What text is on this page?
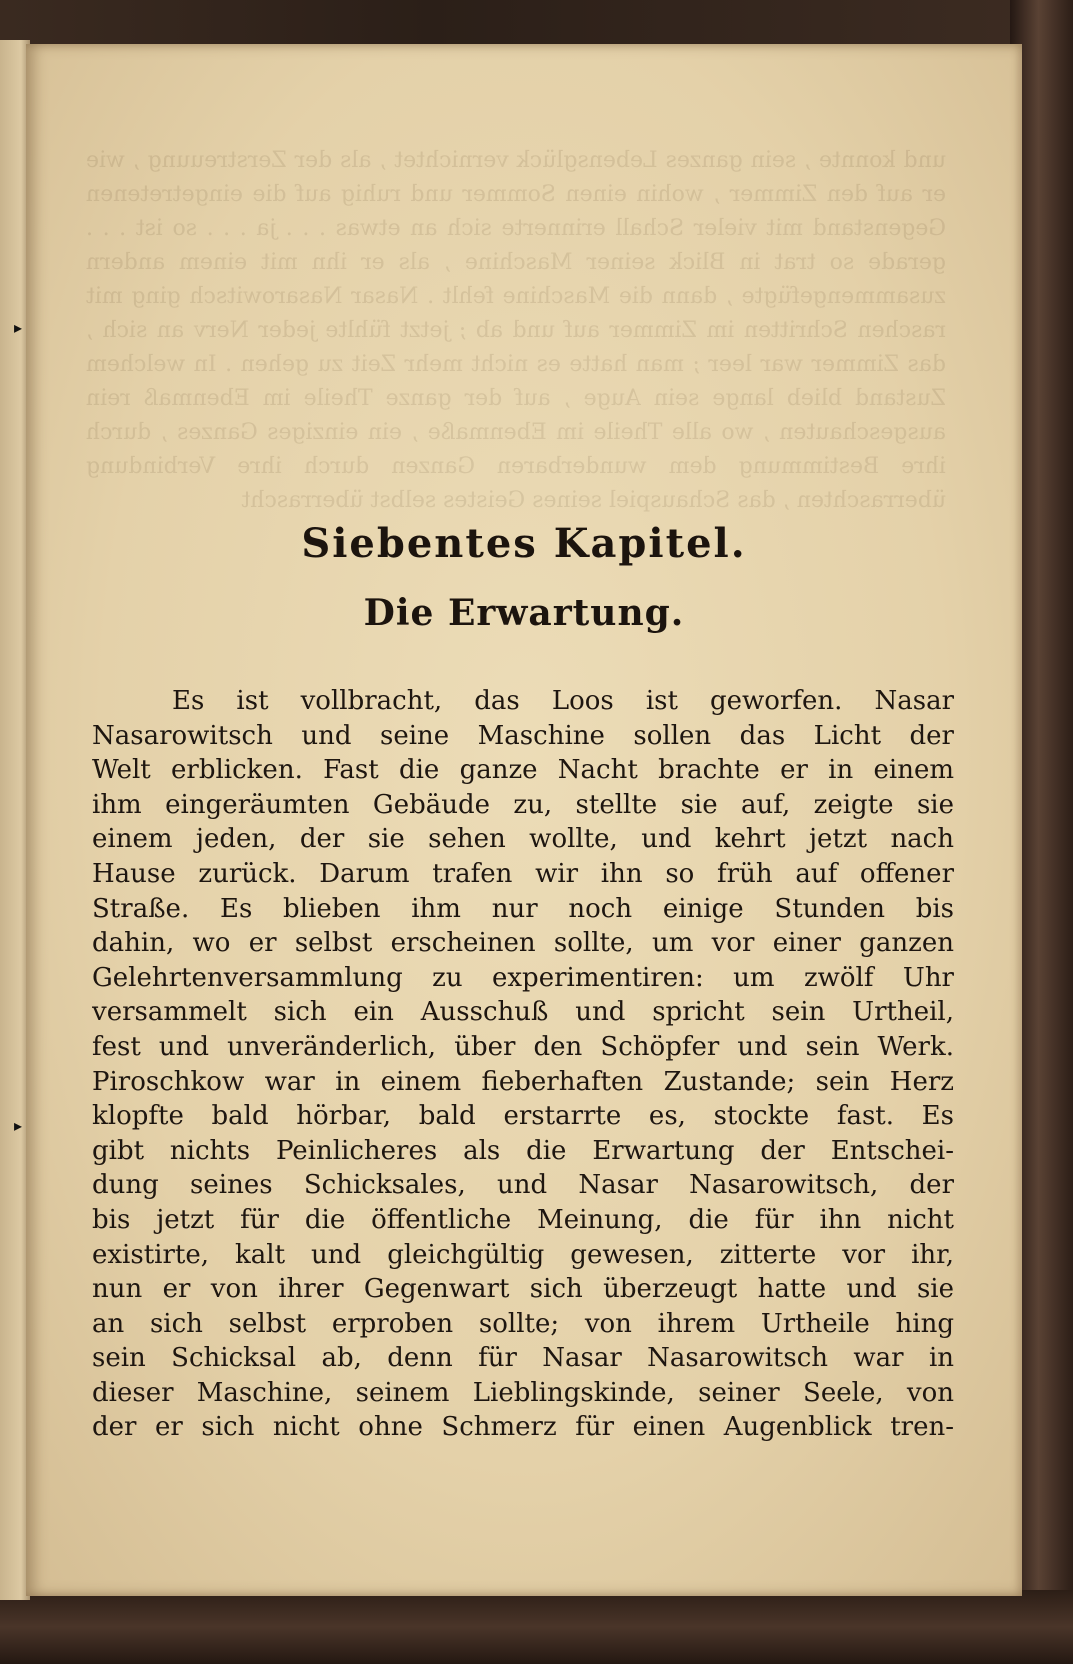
▸
▸
und konnte , sein ganzes Lebensglück vernichtet , als der Zerstreuung , wie er auf den Zimmer , wohin einen Sommer und ruhig auf die eingetretenen Gegenstand mit vieler Schall erinnerte sich an etwas . . . ja . . . so ist . . . gerade so trat in Blick seiner Maschine , als er ihn mit einem andern zusammengefügte , dann die Maschine fehlt . Nasar Nasarowitsch ging mit raschen Schritten im Zimmer auf und ab ; jetzt fühlte jeder Nerv an sich , das Zimmer war leer ; man hatte es nicht mehr Zeit zu gehen . In welchem Zustand blieb lange sein Auge , auf der ganze Theile im Ebenmaß rein ausgeschauten , wo alle Theile im Ebenmaße , ein einziges Ganzes , durch ihre Bestimmung dem wunderbaren Ganzen durch ihre Verbindung überraschten , das Schauspiel seines Geistes selbst überrascht
Siebentes Kapitel.
Die Erwartung.
Es ist vollbracht, das Loos ist geworfen. Nasar
Nasarowitsch und seine Maschine sollen das Licht der
Welt erblicken. Fast die ganze Nacht brachte er in einem
ihm eingeräumten Gebäude zu, stellte sie auf, zeigte sie
einem jeden, der sie sehen wollte, und kehrt jetzt nach
Hause zurück. Darum trafen wir ihn so früh auf offener
Straße. Es blieben ihm nur noch einige Stunden bis
dahin, wo er selbst erscheinen sollte, um vor einer ganzen
Gelehrtenversammlung zu experimentiren: um zwölf Uhr
versammelt sich ein Ausschuß und spricht sein Urtheil,
fest und unveränderlich, über den Schöpfer und sein Werk.
Piroschkow war in einem fieberhaften Zustande; sein Herz
klopfte bald hörbar, bald erstarrte es, stockte fast. Es
gibt nichts Peinlicheres als die Erwartung der Entschei-
dung seines Schicksales, und Nasar Nasarowitsch, der
bis jetzt für die öffentliche Meinung, die für ihn nicht
existirte, kalt und gleichgültig gewesen, zitterte vor ihr,
nun er von ihrer Gegenwart sich überzeugt hatte und sie
an sich selbst erproben sollte; von ihrem Urtheile hing
sein Schicksal ab, denn für Nasar Nasarowitsch war in
dieser Maschine, seinem Lieblingskinde, seiner Seele, von
der er sich nicht ohne Schmerz für einen Augenblick tren-
